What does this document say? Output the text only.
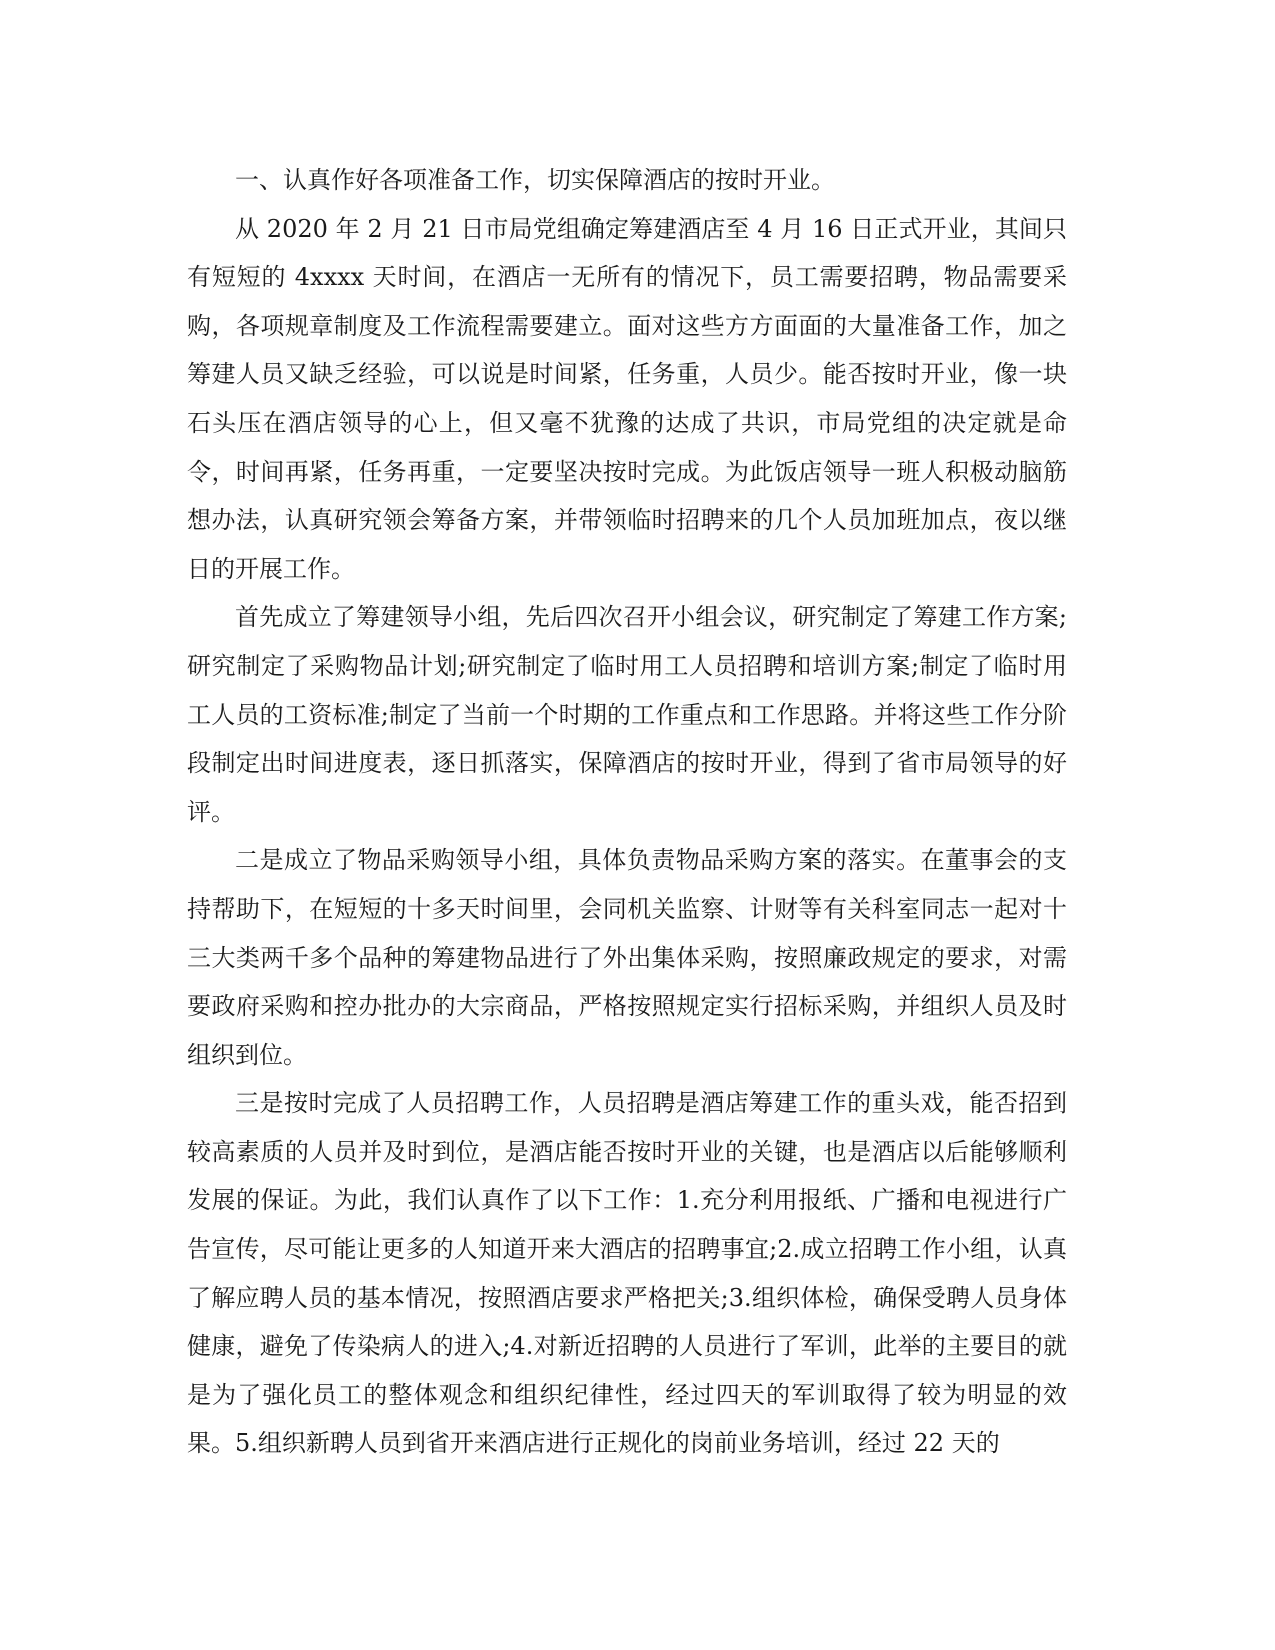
一、认真作好各项准备工作，切实保障酒店的按时开业。

从 2020 年 2 月 21 日市局党组确定筹建酒店至 4 月 16 日正式开业，其间只有短短的 4xxxx 天时间，在酒店一无所有的情况下，员工需要招聘，物品需要采购，各项规章制度及工作流程需要建立。面对这些方方面面的大量准备工作，加之筹建人员又缺乏经验，可以说是时间紧，任务重，人员少。能否按时开业，像一块石头压在酒店领导的心上，但又毫不犹豫的达成了共识，市局党组的决定就是命令，时间再紧，任务再重，一定要坚决按时完成。为此饭店领导一班人积极动脑筋想办法，认真研究领会筹备方案，并带领临时招聘来的几个人员加班加点，夜以继日的开展工作。

首先成立了筹建领导小组，先后四次召开小组会议，研究制定了筹建工作方案;研究制定了采购物品计划;研究制定了临时用工人员招聘和培训方案;制定了临时用工人员的工资标准;制定了当前一个时期的工作重点和工作思路。并将这些工作分阶段制定出时间进度表，逐日抓落实，保障酒店的按时开业，得到了省市局领导的好评。

二是成立了物品采购领导小组，具体负责物品采购方案的落实。在董事会的支持帮助下，在短短的十多天时间里，会同机关监察、计财等有关科室同志一起对十三大类两千多个品种的筹建物品进行了外出集体采购，按照廉政规定的要求，对需要政府采购和控办批办的大宗商品，严格按照规定实行招标采购，并组织人员及时组织到位。

三是按时完成了人员招聘工作，人员招聘是酒店筹建工作的重头戏，能否招到较高素质的人员并及时到位，是酒店能否按时开业的关键，也是酒店以后能够顺利发展的保证。为此，我们认真作了以下工作：1.充分利用报纸、广播和电视进行广告宣传，尽可能让更多的人知道开来大酒店的招聘事宜;2.成立招聘工作小组，认真了解应聘人员的基本情况，按照酒店要求严格把关;3.组织体检，确保受聘人员身体健康，避免了传染病人的进入;4.对新近招聘的人员进行了军训，此举的主要目的就是为了强化员工的整体观念和组织纪律性，经过四天的军训取得了较为明显的效果。5.组织新聘人员到省开来酒店进行正规化的岗前业务培训，经过 22 天的
